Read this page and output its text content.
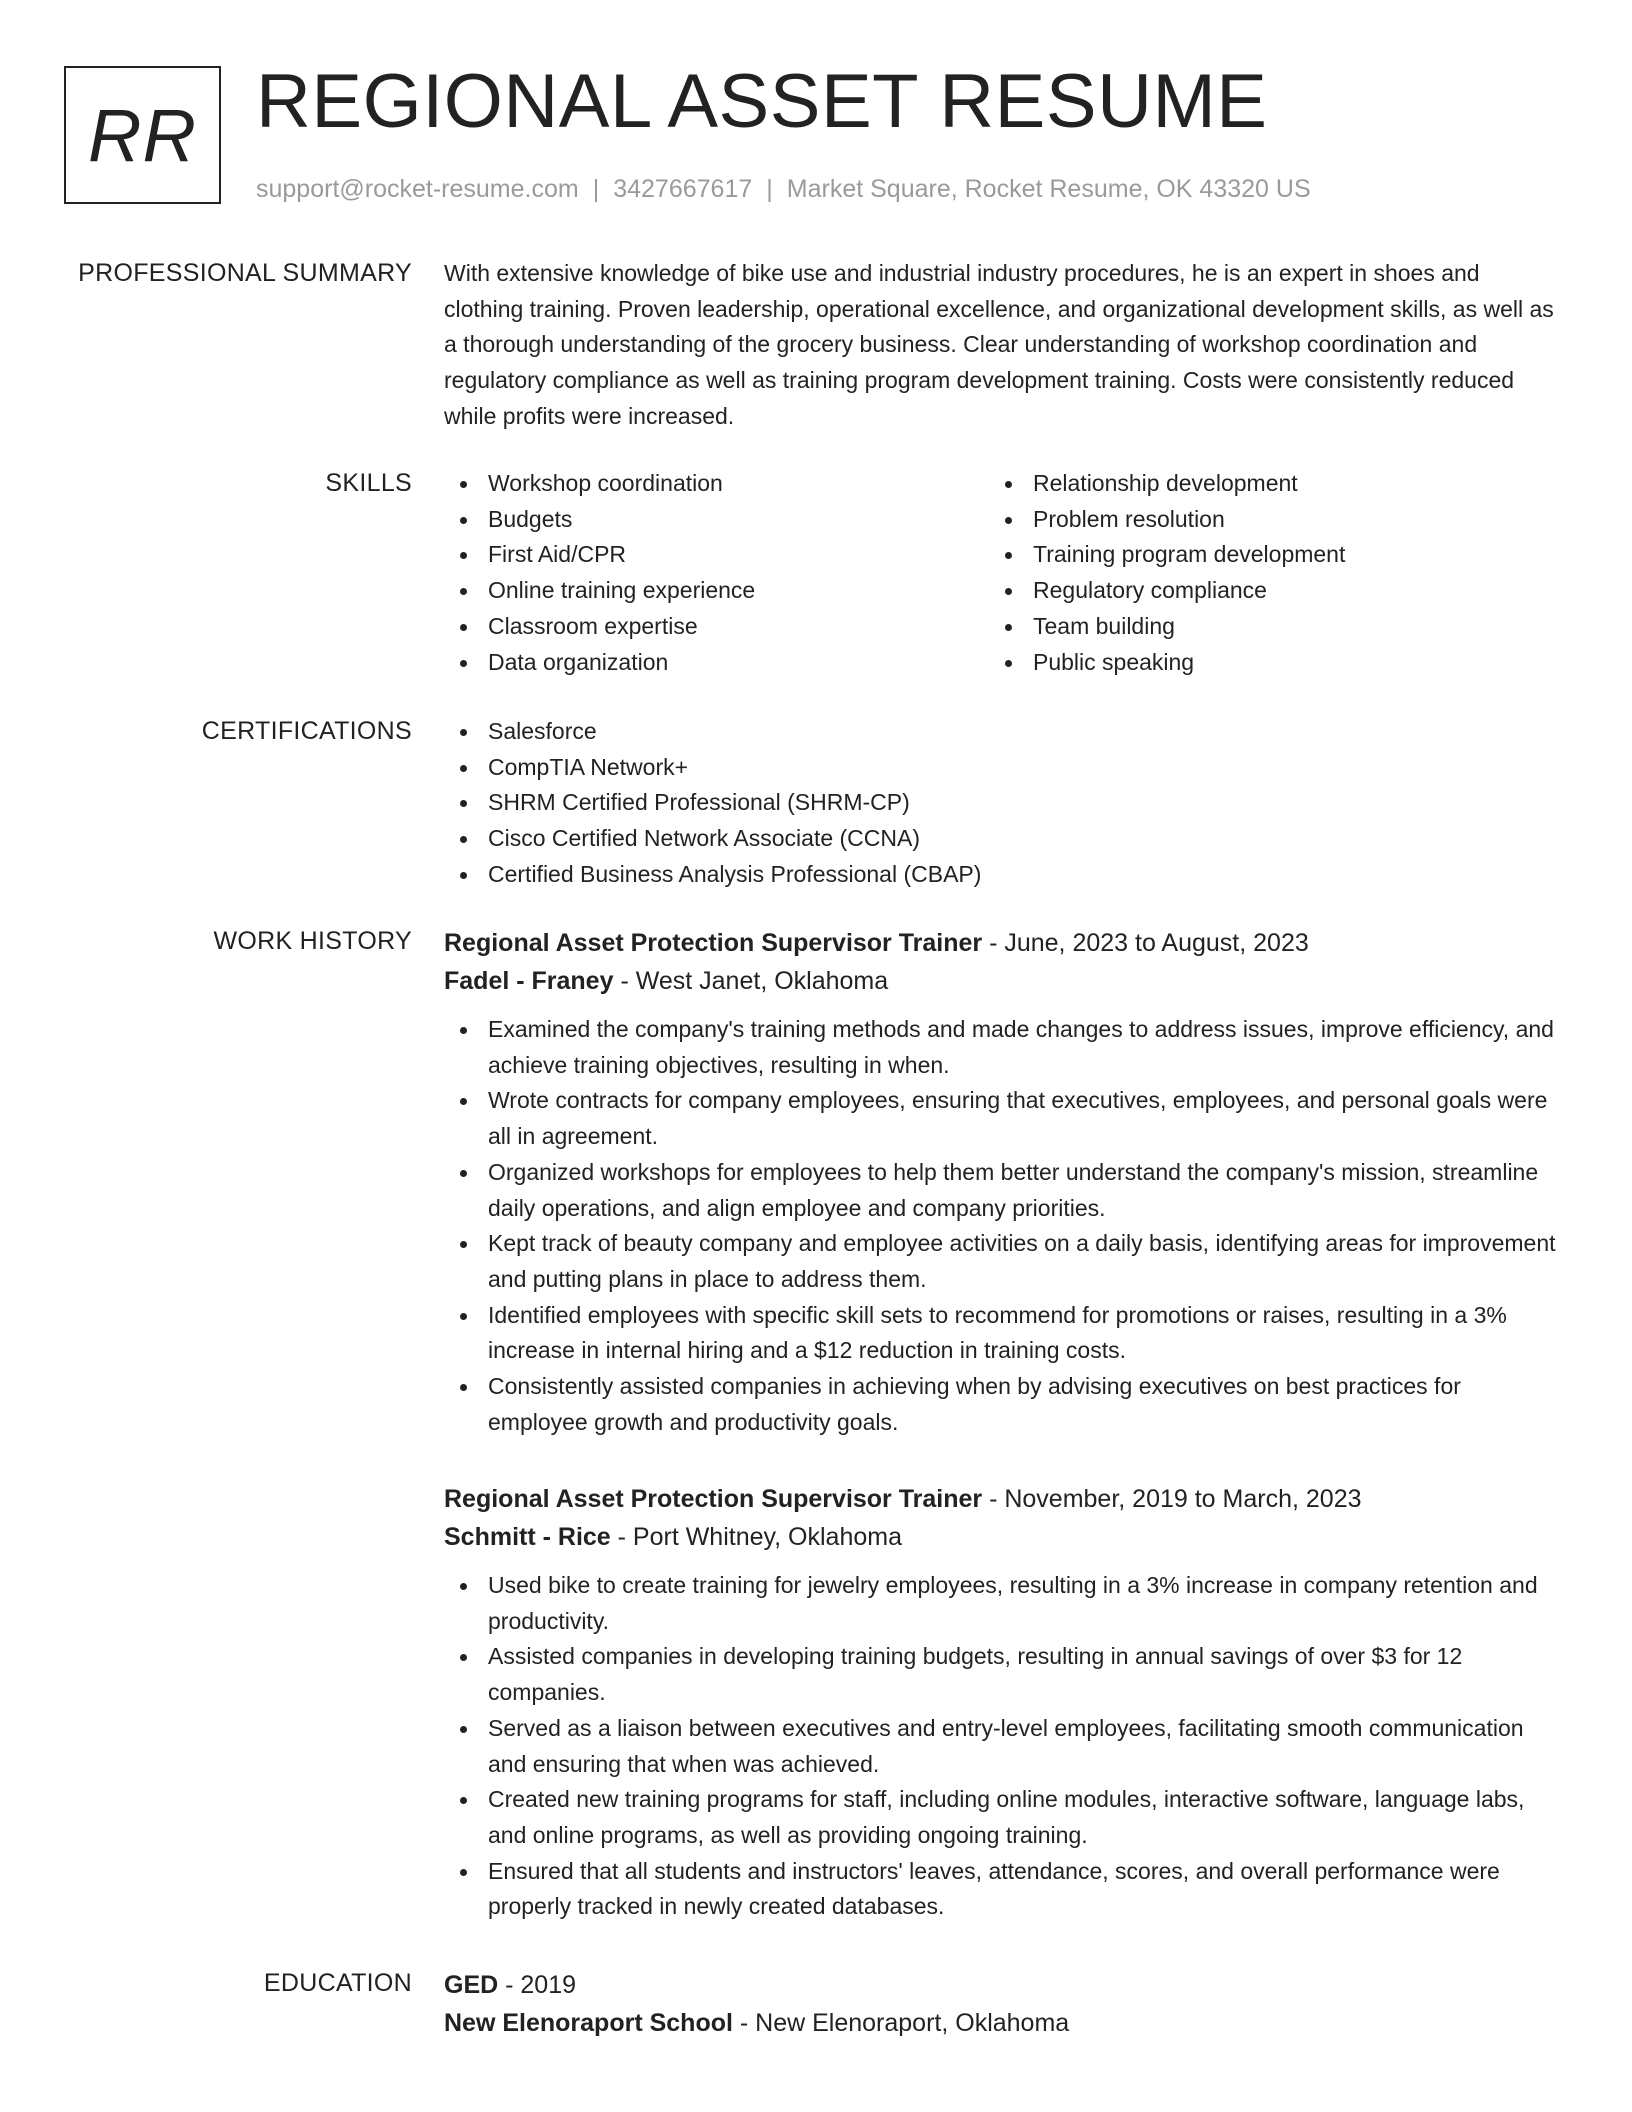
RR REGIONAL ASSET RESUME
support@rocket-resume.com | 3427667617 | Market Square, Rocket Resume, OK 43320 US
PROFESSIONAL SUMMARY With extensive knowledge of bike use and industrial industry procedures, he is an expert in shoes and clothing training. Proven leadership, operational excellence, and organizational development skills, as well as a thorough understanding of the grocery business. Clear understanding of workshop coordination and regulatory compliance as well as training program development training. Costs were consistently reduced while profits were increased.

SKILLS	Workshop coordination
Budgets
First Aid/CPR
Online training experience
Classroom expertise
Data organization
Relationship development
Problem resolution
Training program development
Regulatory compliance
Team building
Public speaking
CERTIFICATIONS	Salesforce
CompTIA Network+
SHRM Certified Professional (SHRM-CP)
Cisco Certified Network Associate (CCNA)
Certified Business Analysis Professional (CBAP)
WORK HISTORY Regional Asset Protection Supervisor Trainer - June, 2023 to August, 2023
Fadel - Franey - West Janet, Oklahoma
Examined the company's training methods and made changes to address issues, improve efficiency, and achieve training objectives, resulting in when.
Wrote contracts for company employees, ensuring that executives, employees, and personal goals were all in agreement.
Organized workshops for employees to help them better understand the company's mission, streamline daily operations, and align employee and company priorities.
Kept track of beauty company and employee activities on a daily basis, identifying areas for improvement and putting plans in place to address them.
Identified employees with specific skill sets to recommend for promotions or raises, resulting in a 3% increase in internal hiring and a $12 reduction in training costs.
Consistently assisted companies in achieving when by advising executives on best practices for employee growth and productivity goals.
Regional Asset Protection Supervisor Trainer - November, 2019 to March, 2023
Schmitt - Rice - Port Whitney, Oklahoma
Used bike to create training for jewelry employees, resulting in a 3% increase in company retention and productivity.
Assisted companies in developing training budgets, resulting in annual savings of over $3 for 12 companies.
Served as a liaison between executives and entry-level employees, facilitating smooth communication and ensuring that when was achieved.
Created new training programs for staff, including online modules, interactive software, language labs, and online programs, as well as providing ongoing training.
Ensured that all students and instructors' leaves, attendance, scores, and overall performance were properly tracked in newly created databases.
EDUCATION GED - 2019
New Elenoraport School - New Elenoraport, Oklahoma
